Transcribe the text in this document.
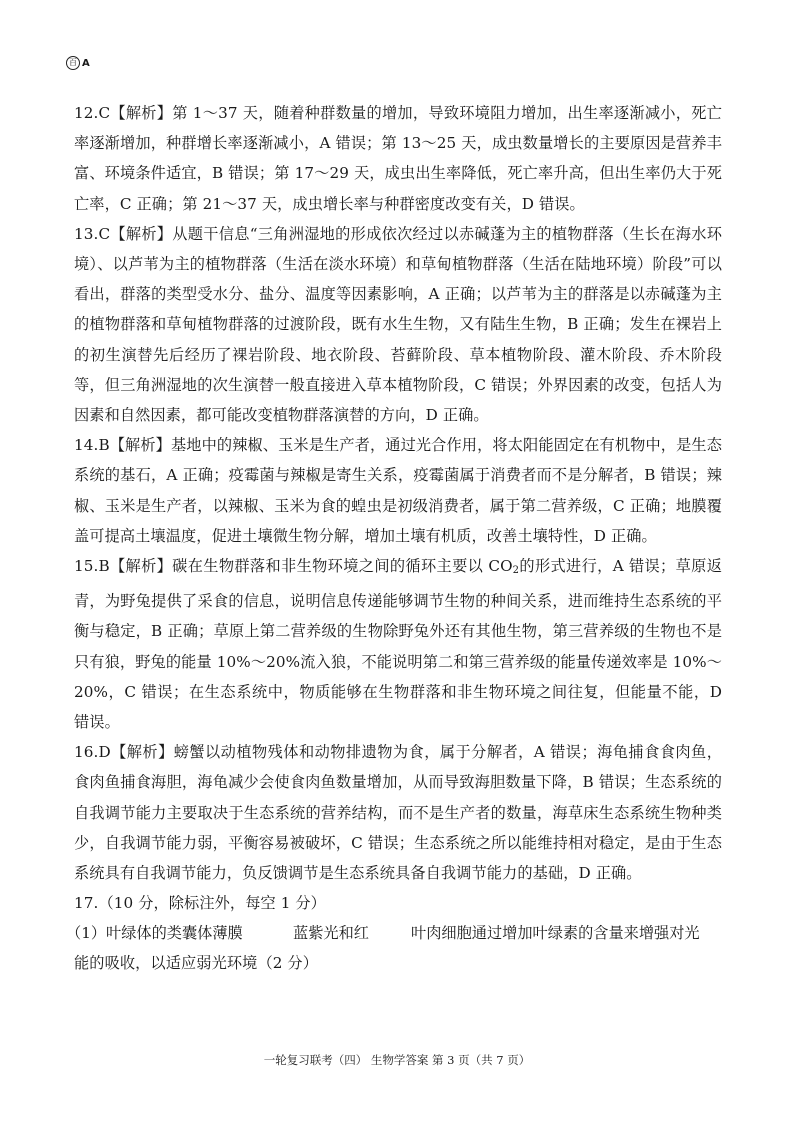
百 A

12.C【解析】第 1～37 天，随着种群数量的增加，导致环境阻力增加，出生率逐渐减小，死亡率逐渐增加，种群增长率逐渐减小，A 错误；第 13～25 天，成虫数量增长的主要原因是营养丰富、环境条件适宜，B 错误；第 17～29 天，成虫出生率降低，死亡率升高，但出生率仍大于死亡率，C 正确；第 21～37 天，成虫增长率与种群密度改变有关，D 错误。

13.C【解析】从题干信息“三角洲湿地的形成依次经过以赤碱蓬为主的植物群落（生长在海水环境）、以芦苇为主的植物群落（生活在淡水环境）和草甸植物群落（生活在陆地环境）阶段”可以看出，群落的类型受水分、盐分、温度等因素影响，A 正确；以芦苇为主的群落是以赤碱蓬为主的植物群落和草甸植物群落的过渡阶段，既有水生生物，又有陆生生物，B 正确；发生在裸岩上的初生演替先后经历了裸岩阶段、地衣阶段、苔藓阶段、草本植物阶段、灌木阶段、乔木阶段等，但三角洲湿地的次生演替一般直接进入草本植物阶段，C 错误；外界因素的改变，包括人为因素和自然因素，都可能改变植物群落演替的方向，D 正确。

14.B【解析】基地中的辣椒、玉米是生产者，通过光合作用，将太阳能固定在有机物中，是生态系统的基石，A 正确；疫霉菌与辣椒是寄生关系，疫霉菌属于消费者而不是分解者，B 错误；辣椒、玉米是生产者，以辣椒、玉米为食的蝗虫是初级消费者，属于第二营养级，C 正确；地膜覆盖可提高土壤温度，促进土壤微生物分解，增加土壤有机质，改善土壤特性，D 正确。

15.B【解析】碳在生物群落和非生物环境之间的循环主要以 $CO_2$的形式进行，A 错误；草原返青，为野兔提供了采食的信息，说明信息传递能够调节生物的种间关系，进而维持生态系统的平衡与稳定，B 正确；草原上第二营养级的生物除野兔外还有其他生物，第三营养级的生物也不是只有狼，野兔的能量 10%～20%流入狼，不能说明第二和第三营养级的能量传递效率是 10%～20%，C 错误；在生态系统中，物质能够在生物群落和非生物环境之间往复，但能量不能，D 错误。

16.D【解析】螃蟹以动植物残体和动物排遗物为食，属于分解者，A 错误；海龟捕食食肉鱼，食肉鱼捕食海胆，海龟减少会使食肉鱼数量增加，从而导致海胆数量下降，B 错误；生态系统的自我调节能力主要取决于生态系统的营养结构，而不是生产者的数量，海草床生态系统生物种类少，自我调节能力弱，平衡容易被破坏，C 错误；生态系统之所以能维持相对稳定，是由于生态系统具有自我调节能力，负反馈调节是生态系统具备自我调节能力的基础，D 正确。

17.（10 分，除标注外，每空 1 分）

（1）叶绿体的类囊体薄膜	蓝紫光和红	叶肉细胞通过增加叶绿素的含量来增强对光

能的吸收，以适应弱光环境（2 分）

一轮复习联考（四） 生物学答案 第 3 页（共 7 页）
